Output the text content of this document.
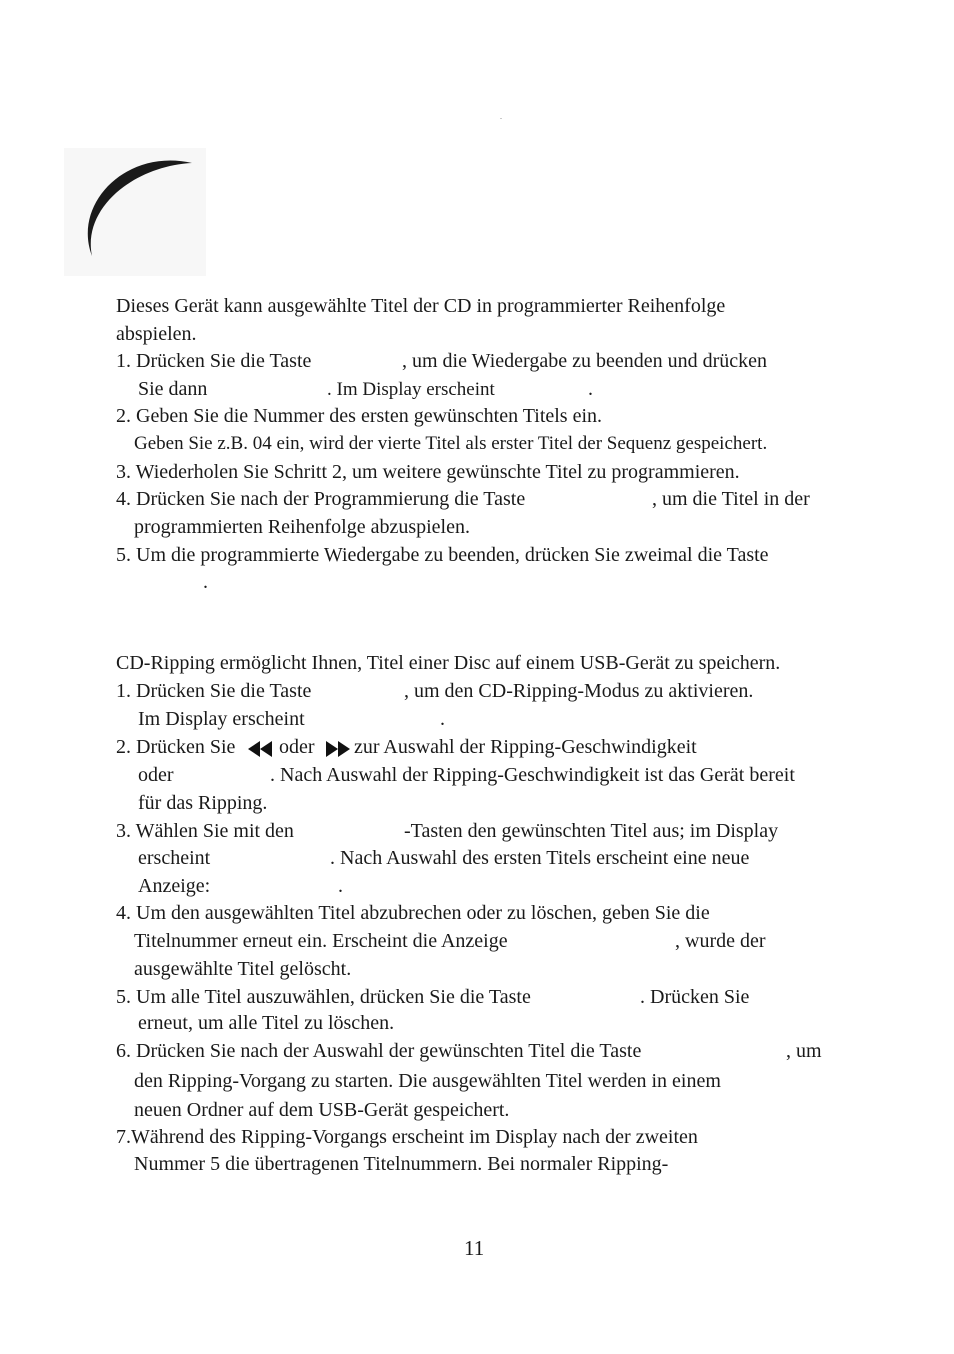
.
Dieses Gerät kann ausgewählte Titel der CD in programmierter Reihenfolge
abspielen.
1. Drücken Sie die Taste	, um die Wiedergabe zu beenden und drücken
Sie dann	. Im Display erscheint	.
2. Geben Sie die Nummer des ersten gewünschten Titels ein.
Geben Sie z.B. 04 ein, wird der vierte Titel als erster Titel der Sequenz gespeichert.
3. Wiederholen Sie Schritt 2, um weitere gewünschte Titel zu programmieren.
4. Drücken Sie nach der Programmierung die Taste	, um die Titel in der
programmierten Reihenfolge abzuspielen.
5. Um die programmierte Wiedergabe zu beenden, drücken Sie zweimal die Taste
.
CD-Ripping ermöglicht Ihnen, Titel einer Disc auf einem USB-Gerät zu speichern.
1. Drücken Sie die Taste	, um den CD-Ripping-Modus zu aktivieren.
Im Display erscheint	.
2. Drücken Sie oder zur Auswahl der Ripping-Geschwindigkeit
oder	. Nach Auswahl der Ripping-Geschwindigkeit ist das Gerät bereit
für das Ripping.
3. Wählen Sie mit den	-Tasten den gewünschten Titel aus; im Display
erscheint	. Nach Auswahl des ersten Titels erscheint eine neue
Anzeige:	.
4. Um den ausgewählten Titel abzubrechen oder zu löschen, geben Sie die
Titelnummer erneut ein. Erscheint die Anzeige	, wurde der
ausgewählte Titel gelöscht.
5. Um alle Titel auszuwählen, drücken Sie die Taste	. Drücken Sie
erneut, um alle Titel zu löschen.
6. Drücken Sie nach der Auswahl der gewünschten Titel die Taste	, um
den Ripping-Vorgang zu starten. Die ausgewählten Titel werden in einem
neuen Ordner auf dem USB-Gerät gespeichert.
7.Während des Ripping-Vorgangs erscheint im Display nach der zweiten
Nummer 5 die übertragenen Titelnummern. Bei normaler Ripping-
11
